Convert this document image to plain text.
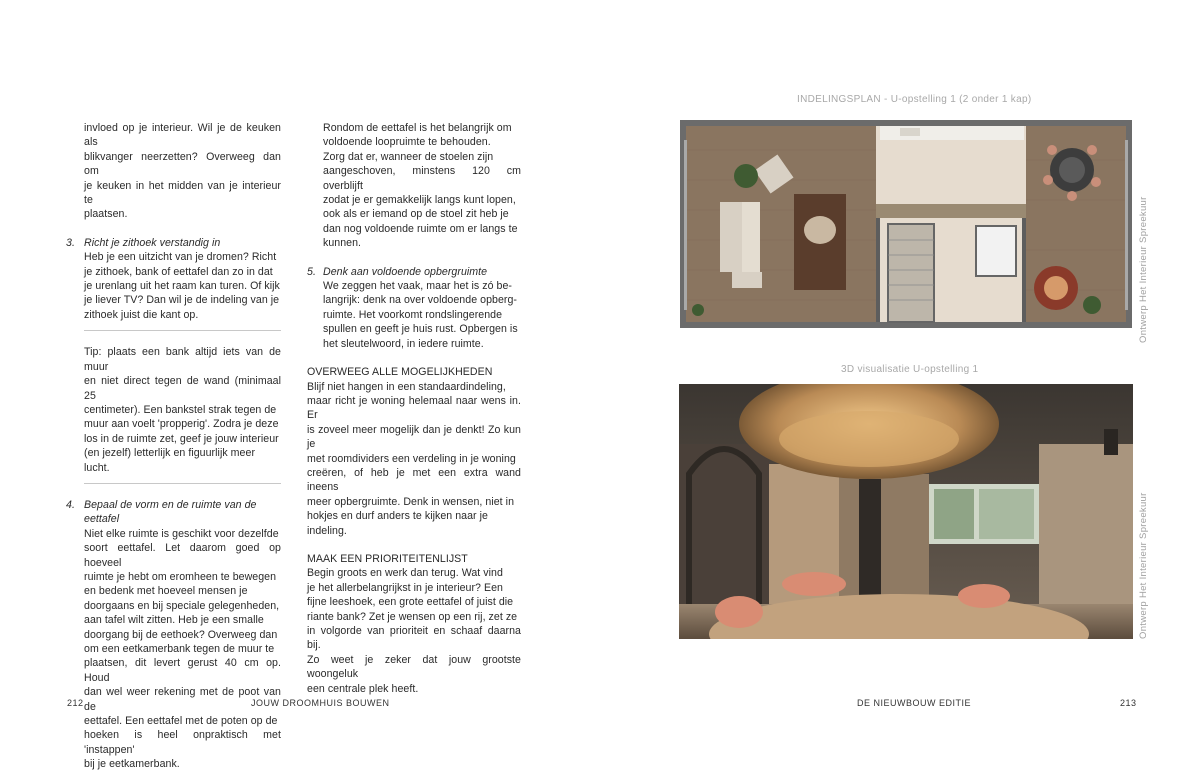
invloed op je interieur. Wil je de keuken als

blikvanger neerzetten? Overweeg dan om

je keuken in het midden van je interieur te

plaatsen.

3. Richt je zithoek verstandig in

Heb je een uitzicht van je dromen? Richt

je zithoek, bank of eettafel dan zo in dat

je urenlang uit het raam kan turen. Of kijk

je liever TV? Dan wil je de indeling van je

zithoek juist die kant op.

Tip: plaats een bank altijd iets van de muur

en niet direct tegen de wand (minimaal 25

centimeter). Een bankstel strak tegen de

muur aan voelt 'propperig'. Zodra je deze

los in de ruimte zet, geef je jouw interieur

(en jezelf) letterlijk en figuurlijk meer lucht.

4. Bepaal de vorm en de ruimte van de

eettafel

Niet elke ruimte is geschikt voor dezelfde

soort eettafel. Let daarom goed op hoeveel

ruimte je hebt om eromheen te bewegen

en bedenk met hoeveel mensen je

doorgaans en bij speciale gelegenheden,

aan tafel wilt zitten. Heb je een smalle

doorgang bij de eethoek? Overweeg dan

om een eetkamerbank tegen de muur te

plaatsen, dit levert gerust 40 cm op. Houd

dan wel weer rekening met de poot van de

eettafel. Een eettafel met de poten op de

hoeken is heel onpraktisch met 'instappen'

bij je eetkamerbank.

Rondom de eettafel is het belangrijk om

voldoende loopruimte te behouden.

Zorg dat er, wanneer de stoelen zijn

aangeschoven, minstens 120 cm overblijft

zodat je er gemakkelijk langs kunt lopen,

ook als er iemand op de stoel zit heb je

dan nog voldoende ruimte om er langs te

kunnen.

5. Denk aan voldoende opbergruimte

We zeggen het vaak, maar het is zó be-

langrijk: denk na over voldoende opberg-

ruimte. Het voorkomt rondslingerende

spullen en geeft je huis rust. Opbergen is

het sleutelwoord, in iedere ruimte.

OVERWEEG ALLE MOGELIJKHEDEN

Blijf niet hangen in een standaardindeling,

maar richt je woning helemaal naar wens in. Er

is zoveel meer mogelijk dan je denkt! Zo kun je

met roomdividers een verdeling in je woning

creëren, of heb je met een extra wand ineens

meer opbergruimte. Denk in wensen, niet in

hokjes en durf anders te kijken naar je indeling.

MAAK EEN PRIORITEITENLIJST

Begin groots en werk dan terug. Wat vind

je het allerbelangrijkst in je interieur? Een

fijne leeshoek, een grote eettafel of juist die

riante bank? Zet je wensen op een rij, zet ze

in volgorde van prioriteit en schaaf daarna bij.

Zo weet je zeker dat jouw grootste woongeluk

een centrale plek heeft.

INDELINGSPLAN - U-opstelling 1 (2 onder 1 kap)
3D visualisatie U-opstelling 1
Ontwerp Het Interieur Spreekuur
Ontwerp Het Interieur Spreekuur
212	JOUW DROOMHUIS BOUWEN	DE NIEUWBOUW EDITIE	213
